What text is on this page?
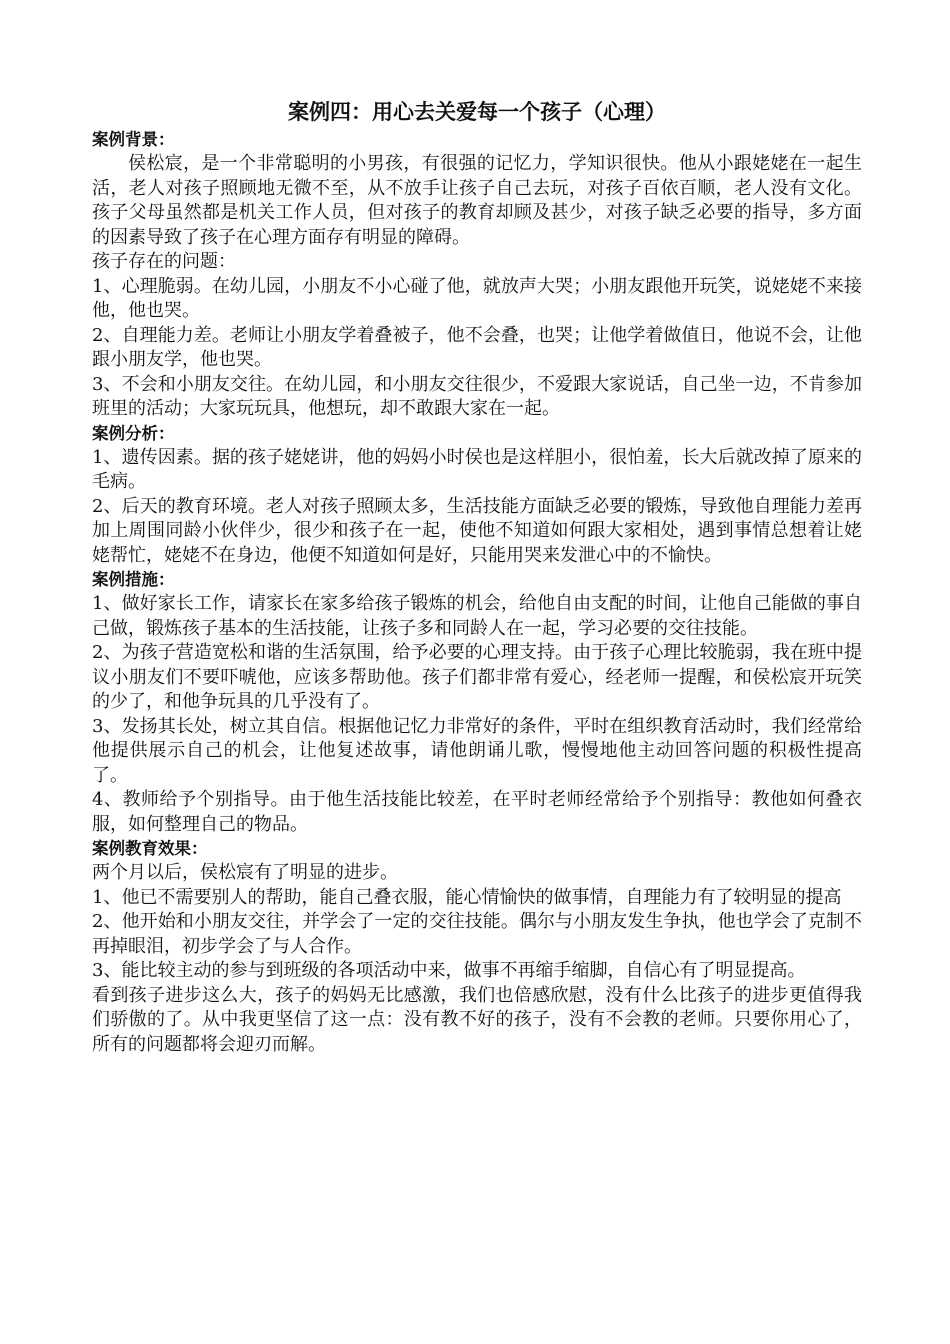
案例四：用心去关爱每一个孩子（心理）
案例背景：

侯松宸，是一个非常聪明的小男孩，有很强的记忆力，学知识很快。他从小跟姥姥在一起生活，老人对孩子照顾地无微不至，从不放手让孩子自己去玩，对孩子百依百顺，老人没有文化。孩子父母虽然都是机关工作人员，但对孩子的教育却顾及甚少，对孩子缺乏必要的指导，多方面的因素导致了孩子在心理方面存有明显的障碍。

孩子存在的问题：

1、心理脆弱。在幼儿园，小朋友不小心碰了他，就放声大哭；小朋友跟他开玩笑，说姥姥不来接他，他也哭。

2、自理能力差。老师让小朋友学着叠被子，他不会叠，也哭；让他学着做值日，他说不会，让他跟小朋友学，他也哭。

3、不会和小朋友交往。在幼儿园，和小朋友交往很少，不爱跟大家说话，自己坐一边，不肯参加班里的活动；大家玩玩具，他想玩，却不敢跟大家在一起。

案例分析：

1、遗传因素。据的孩子姥姥讲，他的妈妈小时侯也是这样胆小，很怕羞，长大后就改掉了原来的毛病。

2、后天的教育环境。老人对孩子照顾太多，生活技能方面缺乏必要的锻炼，导致他自理能力差再加上周围同龄小伙伴少，很少和孩子在一起，使他不知道如何跟大家相处，遇到事情总想着让姥姥帮忙，姥姥不在身边，他便不知道如何是好，只能用哭来发泄心中的不愉快。

案例措施：

1、做好家长工作，请家长在家多给孩子锻炼的机会，给他自由支配的时间，让他自己能做的事自己做，锻炼孩子基本的生活技能，让孩子多和同龄人在一起，学习必要的交往技能。

2、为孩子营造宽松和谐的生活氛围，给予必要的心理支持。由于孩子心理比较脆弱，我在班中提议小朋友们不要吓唬他，应该多帮助他。孩子们都非常有爱心，经老师一提醒，和侯松宸开玩笑的少了，和他争玩具的几乎没有了。

3、发扬其长处，树立其自信。根据他记忆力非常好的条件，平时在组织教育活动时，我们经常给他提供展示自己的机会，让他复述故事，请他朗诵儿歌，慢慢地他主动回答问题的积极性提高了。

4、教师给予个别指导。由于他生活技能比较差，在平时老师经常给予个别指导：教他如何叠衣服，如何整理自己的物品。

案例教育效果：

两个月以后，侯松宸有了明显的进步。

1、他已不需要别人的帮助，能自己叠衣服，能心情愉快的做事情，自理能力有了较明显的提高

2、他开始和小朋友交往，并学会了一定的交往技能。偶尔与小朋友发生争执，他也学会了克制不再掉眼泪，初步学会了与人合作。

3、能比较主动的参与到班级的各项活动中来，做事不再缩手缩脚，自信心有了明显提高。

看到孩子进步这么大，孩子的妈妈无比感激，我们也倍感欣慰，没有什么比孩子的进步更值得我们骄傲的了。从中我更坚信了这一点：没有教不好的孩子，没有不会教的老师。只要你用心了，所有的问题都将会迎刃而解。
